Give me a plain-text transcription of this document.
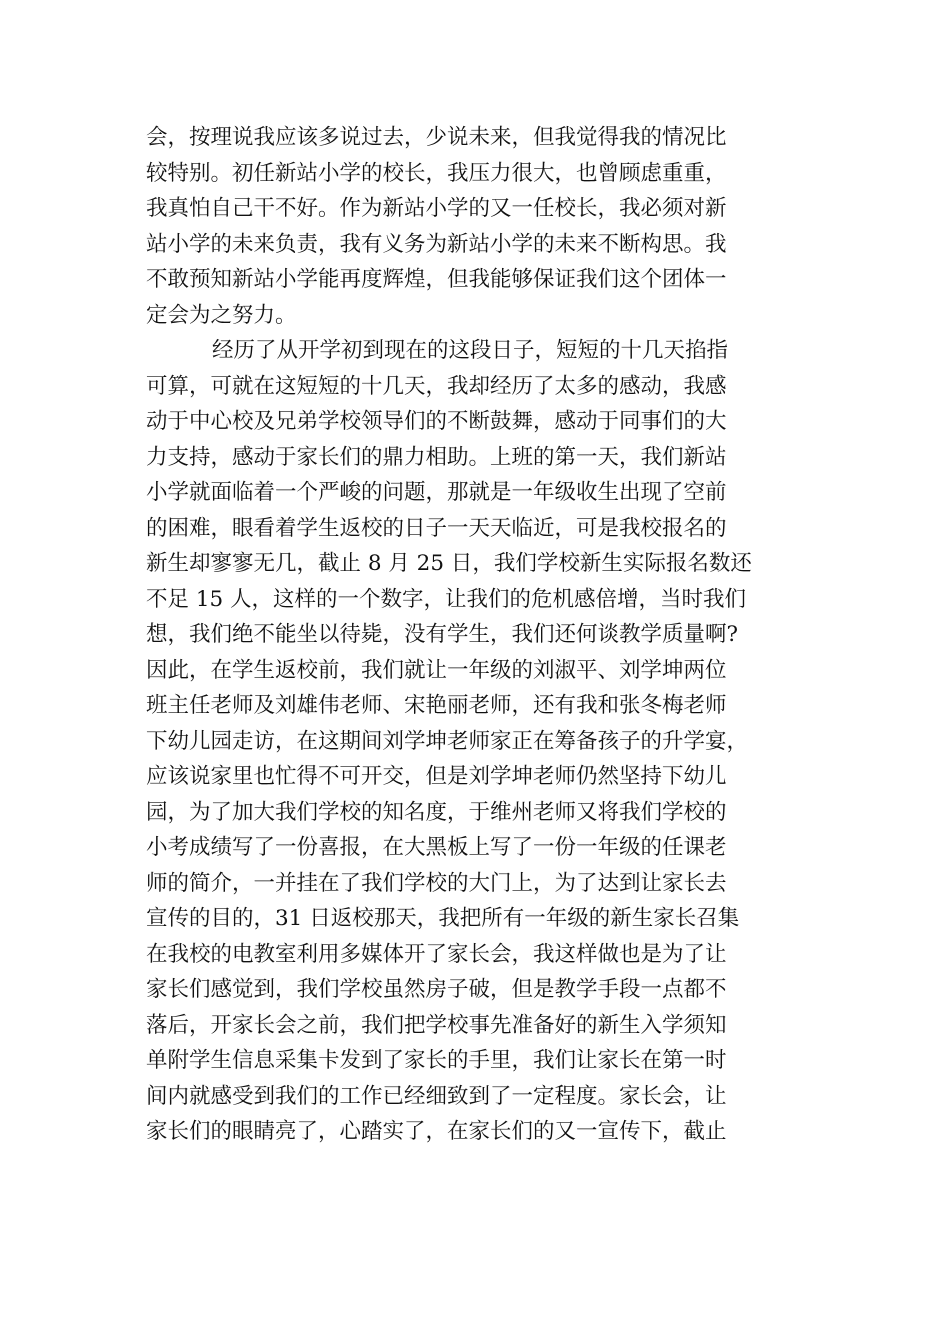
会，按理说我应该多说过去，少说未来，但我觉得我的情况比
较特别。初任新站小学的校长，我压力很大，也曾顾虑重重，
我真怕自己干不好。作为新站小学的又一任校长，我必须对新
站小学的未来负责，我有义务为新站小学的未来不断构思。我
不敢预知新站小学能再度辉煌，但我能够保证我们这个团体一
定会为之努力。
经历了从开学初到现在的这段日子，短短的十几天掐指
可算，可就在这短短的十几天，我却经历了太多的感动，我感
动于中心校及兄弟学校领导们的不断鼓舞，感动于同事们的大
力支持，感动于家长们的鼎力相助。上班的第一天，我们新站
小学就面临着一个严峻的问题，那就是一年级收生出现了空前
的困难，眼看着学生返校的日子一天天临近，可是我校报名的
新生却寥寥无几，截止 8 月 25 日，我们学校新生实际报名数还
不足 15 人，这样的一个数字，让我们的危机感倍增，当时我们
想，我们绝不能坐以待毙，没有学生，我们还何谈教学质量啊?
因此，在学生返校前，我们就让一年级的刘淑平、刘学坤两位
班主任老师及刘雄伟老师、宋艳丽老师，还有我和张冬梅老师
下幼儿园走访，在这期间刘学坤老师家正在筹备孩子的升学宴，
应该说家里也忙得不可开交，但是刘学坤老师仍然坚持下幼儿
园，为了加大我们学校的知名度，于维州老师又将我们学校的
小考成绩写了一份喜报，在大黑板上写了一份一年级的任课老
师的简介，一并挂在了我们学校的大门上，为了达到让家长去
宣传的目的，31 日返校那天，我把所有一年级的新生家长召集
在我校的电教室利用多媒体开了家长会，我这样做也是为了让
家长们感觉到，我们学校虽然房子破，但是教学手段一点都不
落后，开家长会之前，我们把学校事先准备好的新生入学须知
单附学生信息采集卡发到了家长的手里，我们让家长在第一时
间内就感受到我们的工作已经细致到了一定程度。家长会，让
家长们的眼睛亮了，心踏实了，在家长们的又一宣传下，截止
